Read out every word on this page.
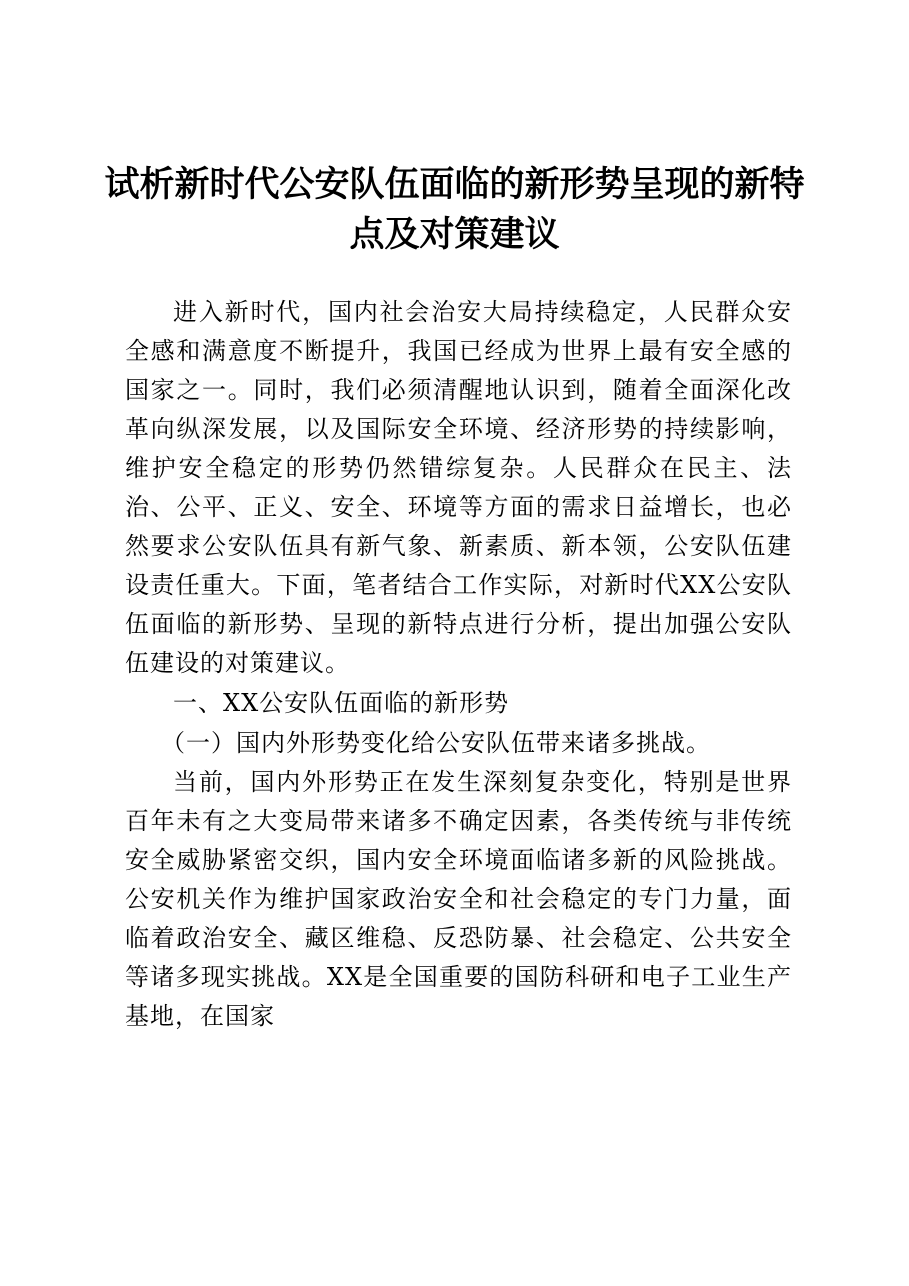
试析新时代公安队伍面临的新形势呈现的新特点及对策建议

进入新时代，国内社会治安大局持续稳定，人民群众安全感和满意度不断提升，我国已经成为世界上最有安全感的国家之一。同时，我们必须清醒地认识到，随着全面深化改革向纵深发展，以及国际安全环境、经济形势的持续影响，维护安全稳定的形势仍然错综复杂。人民群众在民主、法治、公平、正义、安全、环境等方面的需求日益增长，也必然要求公安队伍具有新气象、新素质、新本领，公安队伍建设责任重大。下面，笔者结合工作实际，对新时代XX公安队伍面临的新形势、呈现的新特点进行分析，提出加强公安队伍建设的对策建议。

一、XX公安队伍面临的新形势

（一）国内外形势变化给公安队伍带来诸多挑战。

当前，国内外形势正在发生深刻复杂变化，特别是世界百年未有之大变局带来诸多不确定因素，各类传统与非传统安全威胁紧密交织，国内安全环境面临诸多新的风险挑战。公安机关作为维护国家政治安全和社会稳定的专门力量，面临着政治安全、藏区维稳、反恐防暴、社会稳定、公共安全等诸多现实挑战。XX是全国重要的国防科研和电子工业生产基地，在国家
